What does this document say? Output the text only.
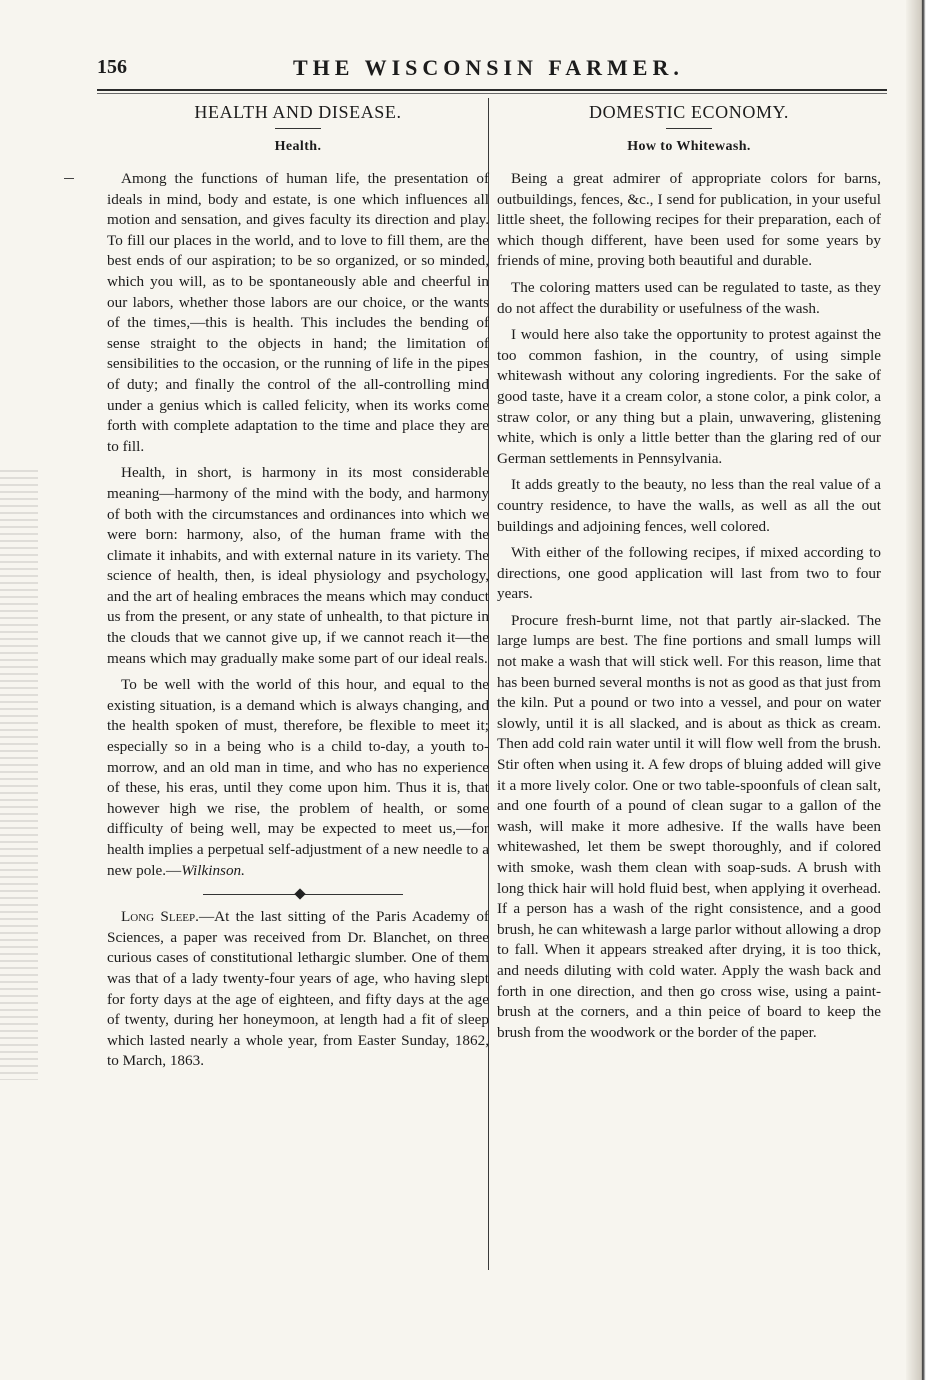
156	THE WISCONSIN FARMER.
HEALTH AND DISEASE.
Health.

Among the functions of human life, the presentation of ideals in mind, body and estate, is one which influences all motion and sensation, and gives faculty its direction and play. To fill our places in the world, and to love to fill them, are the best ends of our aspiration; to be so organized, or so minded, which you will, as to be spontaneously able and cheerful in our labors, whether those labors are our choice, or the wants of the times,—this is health. This includes the bending of sense straight to the objects in hand; the limitation of sensibilities to the occasion, or the running of life in the pipes of duty; and finally the control of the all-controlling mind under a genius which is called felicity, when its works come forth with complete adaptation to the time and place they are to fill.

Health, in short, is harmony in its most considerable meaning—harmony of the mind with the body, and harmony of both with the circumstances and ordinances into which we were born: harmony, also, of the human frame with the climate it inhabits, and with external nature in its variety. The science of health, then, is ideal physiology and psychology, and the art of healing embraces the means which may conduct us from the present, or any state of unhealth, to that picture in the clouds that we cannot give up, if we cannot reach it—the means which may gradually make some part of our ideal reals.

To be well with the world of this hour, and equal to the existing situation, is a demand which is always changing, and the health spoken of must, therefore, be flexible to meet it; especially so in a being who is a child to-day, a youth to-morrow, and an old man in time, and who has no experience of these, his eras, until they come upon him. Thus it is, that however high we rise, the problem of health, or some difficulty of being well, may be expected to meet us,—for health implies a perpetual self-adjustment of a new needle to a new pole.—Wilkinson.

Long Sleep.—At the last sitting of the Paris Academy of Sciences, a paper was received from Dr. Blanchet, on three curious cases of constitutional lethargic slumber. One of them was that of a lady twenty-four years of age, who having slept for forty days at the age of eighteen, and fifty days at the age of twenty, during her honeymoon, at length had a fit of sleep which lasted nearly a whole year, from Easter Sunday, 1862, to March, 1863.

DOMESTIC ECONOMY.
How to Whitewash.

Being a great admirer of appropriate colors for barns, outbuildings, fences, &c., I send for publication, in your useful little sheet, the following recipes for their preparation, each of which though different, have been used for some years by friends of mine, proving both beautiful and durable.

The coloring matters used can be regulated to taste, as they do not affect the durability or usefulness of the wash.

I would here also take the opportunity to protest against the too common fashion, in the country, of using simple whitewash without any coloring ingredients. For the sake of good taste, have it a cream color, a stone color, a pink color, a straw color, or any thing but a plain, unwavering, glistening white, which is only a little better than the glaring red of our German settlements in Pennsylvania.

It adds greatly to the beauty, no less than the real value of a country residence, to have the walls, as well as all the out buildings and adjoining fences, well colored.

With either of the following recipes, if mixed according to directions, one good application will last from two to four years.

Procure fresh-burnt lime, not that partly air-slacked. The large lumps are best. The fine portions and small lumps will not make a wash that will stick well. For this reason, lime that has been burned several months is not as good as that just from the kiln. Put a pound or two into a vessel, and pour on water slowly, until it is all slacked, and is about as thick as cream. Then add cold rain water until it will flow well from the brush. Stir often when using it. A few drops of bluing added will give it a more lively color. One or two table-spoonfuls of clean salt, and one fourth of a pound of clean sugar to a gallon of the wash, will make it more adhesive. If the walls have been whitewashed, let them be swept thoroughly, and if colored with smoke, wash them clean with soap-suds. A brush with long thick hair will hold fluid best, when applying it overhead. If a person has a wash of the right consistence, and a good brush, he can whitewash a large parlor without allowing a drop to fall. When it appears streaked after drying, it is too thick, and needs diluting with cold water. Apply the wash back and forth in one direction, and then go cross wise, using a paint-brush at the corners, and a thin peice of board to keep the brush from the woodwork or the border of the paper.
